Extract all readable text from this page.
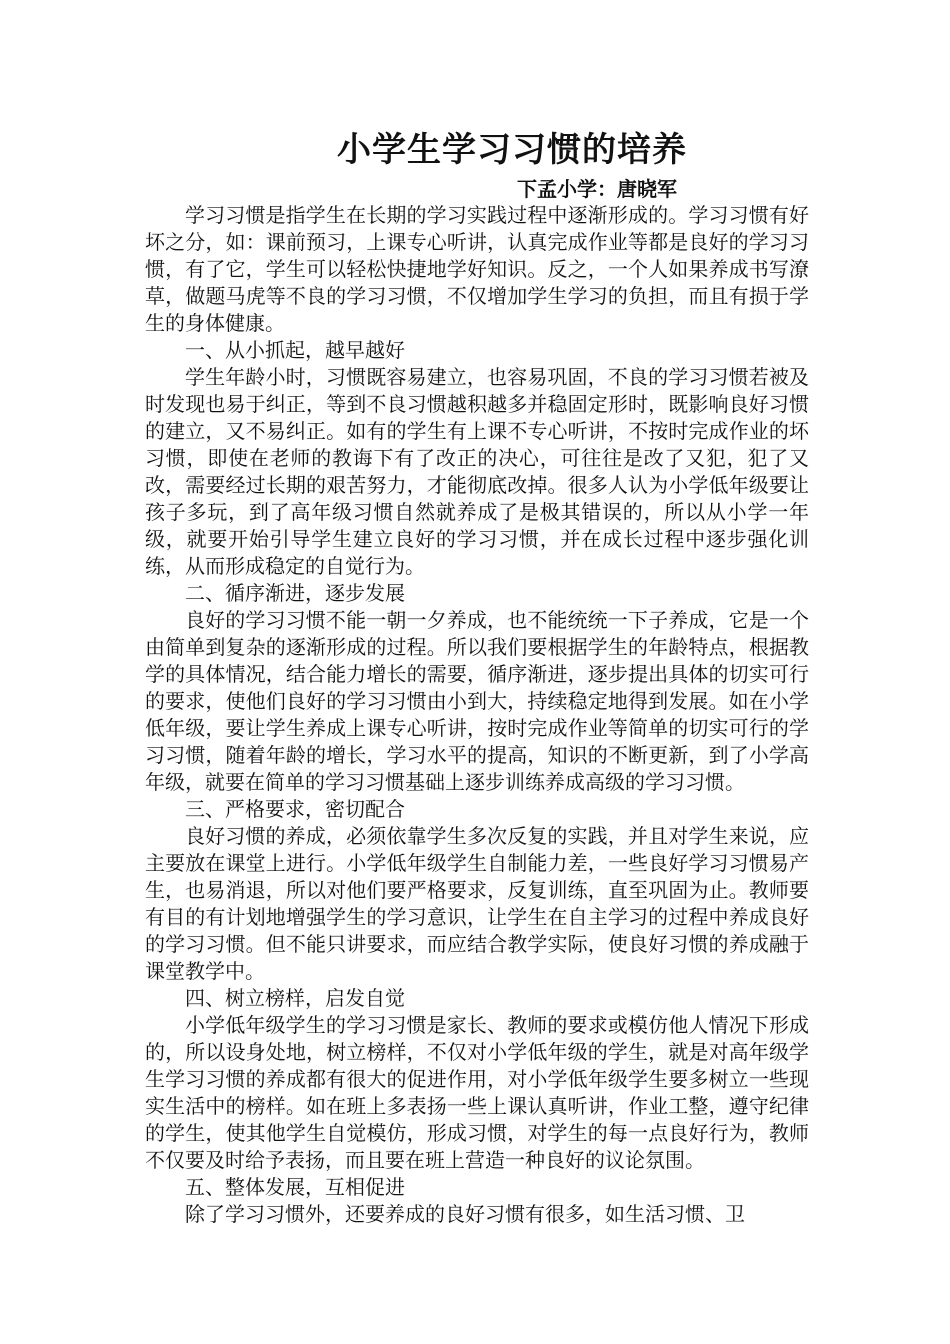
小学生学习习惯的培养
下孟小学：唐晓军

学习习惯是指学生在长期的学习实践过程中逐渐形成的。学习习惯有好坏之分，如：课前预习，上课专心听讲，认真完成作业等都是良好的学习习惯，有了它，学生可以轻松快捷地学好知识。反之，一个人如果养成书写潦草，做题马虎等不良的学习习惯，不仅增加学生学习的负担，而且有损于学生的身体健康。

一、从小抓起，越早越好

学生年龄小时，习惯既容易建立，也容易巩固，不良的学习习惯若被及时发现也易于纠正，等到不良习惯越积越多并稳固定形时，既影响良好习惯的建立，又不易纠正。如有的学生有上课不专心听讲，不按时完成作业的坏习惯，即使在老师的教诲下有了改正的决心，可往往是改了又犯，犯了又改，需要经过长期的艰苦努力，才能彻底改掉。很多人认为小学低年级要让孩子多玩，到了高年级习惯自然就养成了是极其错误的，所以从小学一年级，就要开始引导学生建立良好的学习习惯，并在成长过程中逐步强化训练，从而形成稳定的自觉行为。

二、循序渐进，逐步发展

良好的学习习惯不能一朝一夕养成，也不能统统一下子养成，它是一个由简单到复杂的逐渐形成的过程。所以我们要根据学生的年龄特点，根据教学的具体情况，结合能力增长的需要，循序渐进，逐步提出具体的切实可行的要求，使他们良好的学习习惯由小到大，持续稳定地得到发展。如在小学低年级，要让学生养成上课专心听讲，按时完成作业等简单的切实可行的学习习惯，随着年龄的增长，学习水平的提高，知识的不断更新，到了小学高年级，就要在简单的学习习惯基础上逐步训练养成高级的学习习惯。

三、严格要求，密切配合

良好习惯的养成，必须依靠学生多次反复的实践，并且对学生来说，应主要放在课堂上进行。小学低年级学生自制能力差，一些良好学习习惯易产生，也易消退，所以对他们要严格要求，反复训练，直至巩固为止。教师要有目的有计划地增强学生的学习意识，让学生在自主学习的过程中养成良好的学习习惯。但不能只讲要求，而应结合教学实际，使良好习惯的养成融于课堂教学中。

四、树立榜样，启发自觉

小学低年级学生的学习习惯是家长、教师的要求或模仿他人情况下形成的，所以设身处地，树立榜样，不仅对小学低年级的学生，就是对高年级学生学习习惯的养成都有很大的促进作用，对小学低年级学生要多树立一些现实生活中的榜样。如在班上多表扬一些上课认真听讲，作业工整，遵守纪律的学生，使其他学生自觉模仿，形成习惯，对学生的每一点良好行为，教师不仅要及时给予表扬，而且要在班上营造一种良好的议论氛围。

五、整体发展，互相促进

除了学习习惯外，还要养成的良好习惯有很多，如生活习惯、卫
